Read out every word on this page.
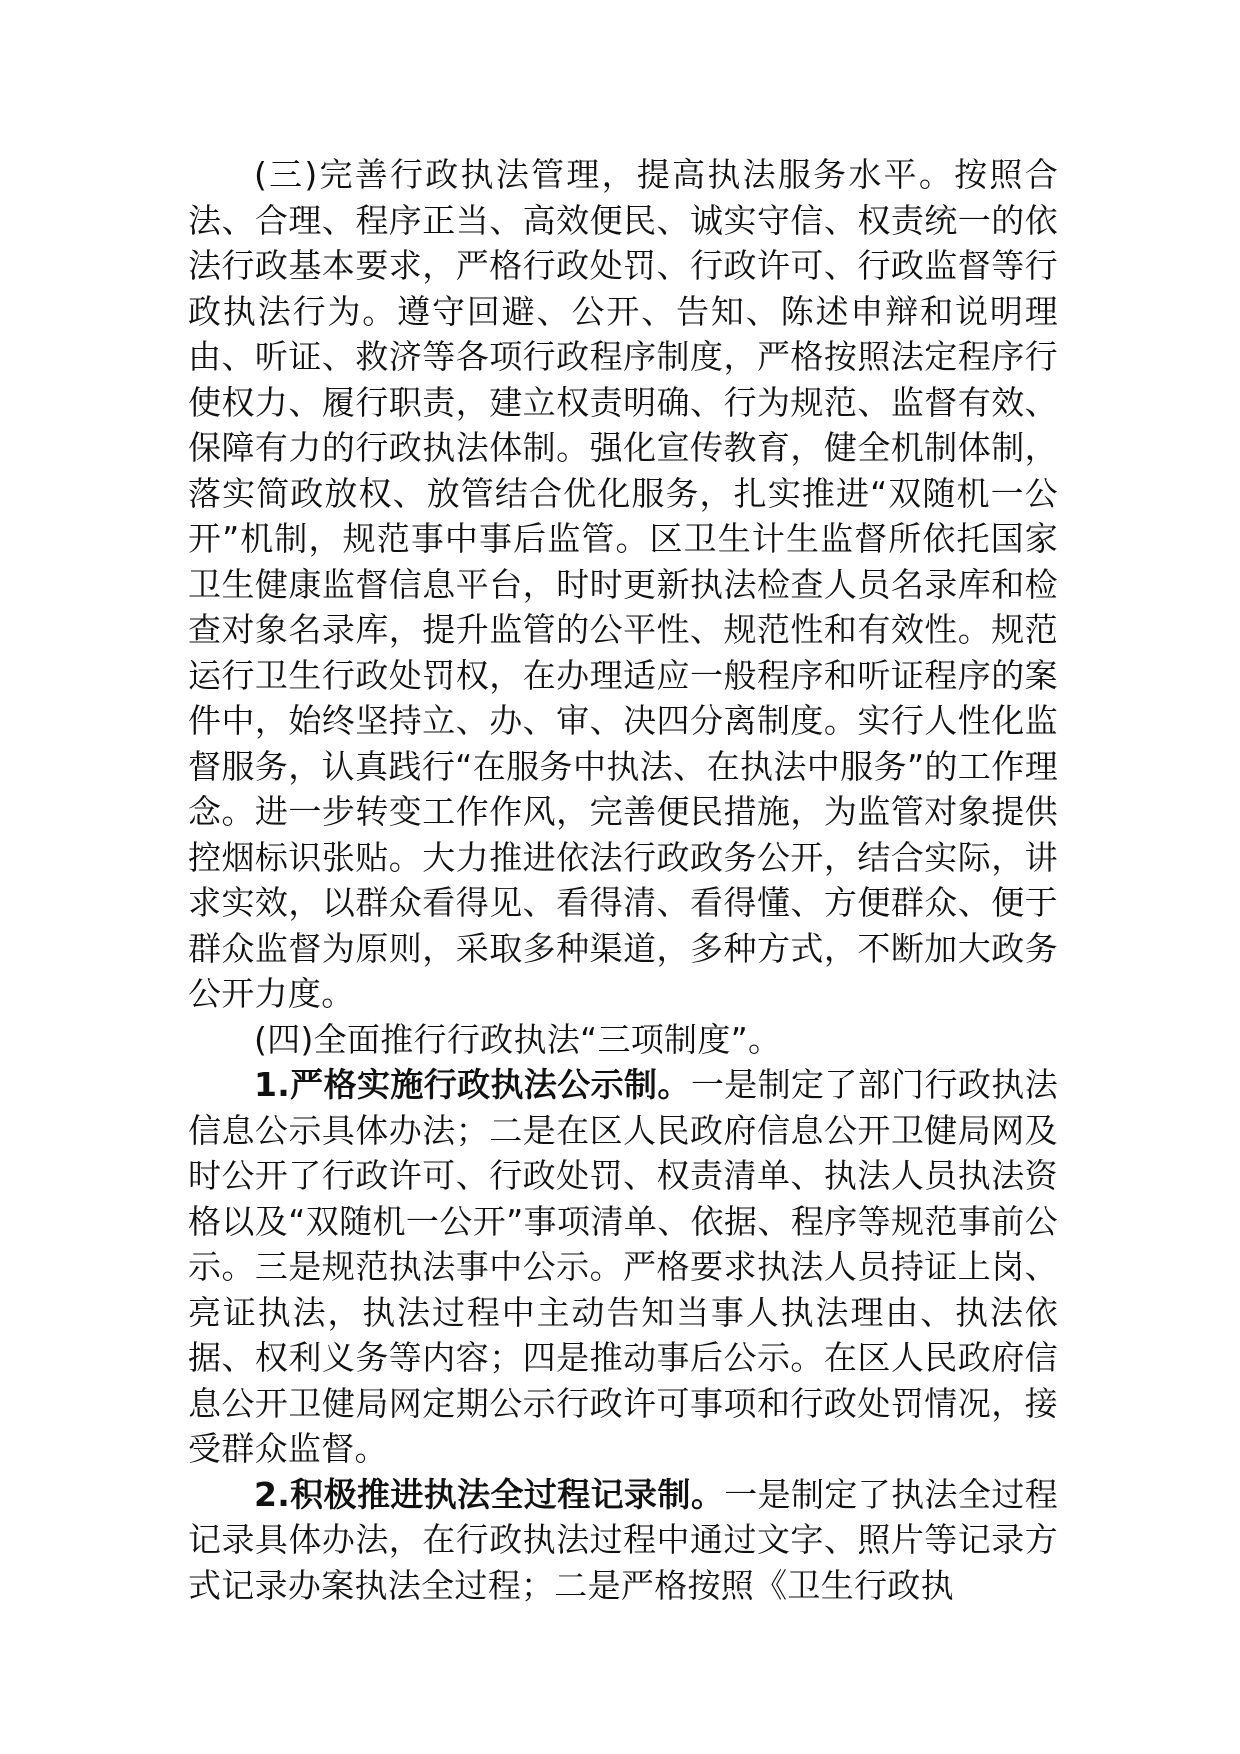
(三)完善行政执法管理，提高执法服务水平。按照合法、合理、程序正当、高效便民、诚实守信、权责统一的依法行政基本要求，严格行政处罚、行政许可、行政监督等行政执法行为。遵守回避、公开、告知、陈述申辩和说明理由、听证、救济等各项行政程序制度，严格按照法定程序行使权力、履行职责，建立权责明确、行为规范、监督有效、保障有力的行政执法体制。强化宣传教育，健全机制体制，落实简政放权、放管结合优化服务，扎实推进“双随机一公开”机制，规范事中事后监管。区卫生计生监督所依托国家卫生健康监督信息平台，时时更新执法检查人员名录库和检查对象名录库，提升监管的公平性、规范性和有效性。规范运行卫生行政处罚权，在办理适应一般程序和听证程序的案件中，始终坚持立、办、审、决四分离制度。实行人性化监督服务，认真践行“在服务中执法、在执法中服务”的工作理念。进一步转变工作作风，完善便民措施，为监管对象提供控烟标识张贴。大力推进依法行政政务公开，结合实际，讲求实效，以群众看得见、看得清、看得懂、方便群众、便于群众监督为原则，采取多种渠道，多种方式，不断加大政务公开力度。

(四)全面推行行政执法“三项制度”。

1.严格实施行政执法公示制。一是制定了部门行政执法信息公示具体办法；二是在区人民政府信息公开卫健局网及时公开了行政许可、行政处罚、权责清单、执法人员执法资格以及“双随机一公开”事项清单、依据、程序等规范事前公示。三是规范执法事中公示。严格要求执法人员持证上岗、亮证执法，执法过程中主动告知当事人执法理由、执法依据、权利义务等内容；四是推动事后公示。在区人民政府信息公开卫健局网定期公示行政许可事项和行政处罚情况，接受群众监督。

2.积极推进执法全过程记录制。一是制定了执法全过程记录具体办法，在行政执法过程中通过文字、照片等记录方式记录办案执法全过程；二是严格按照《卫生行政执
